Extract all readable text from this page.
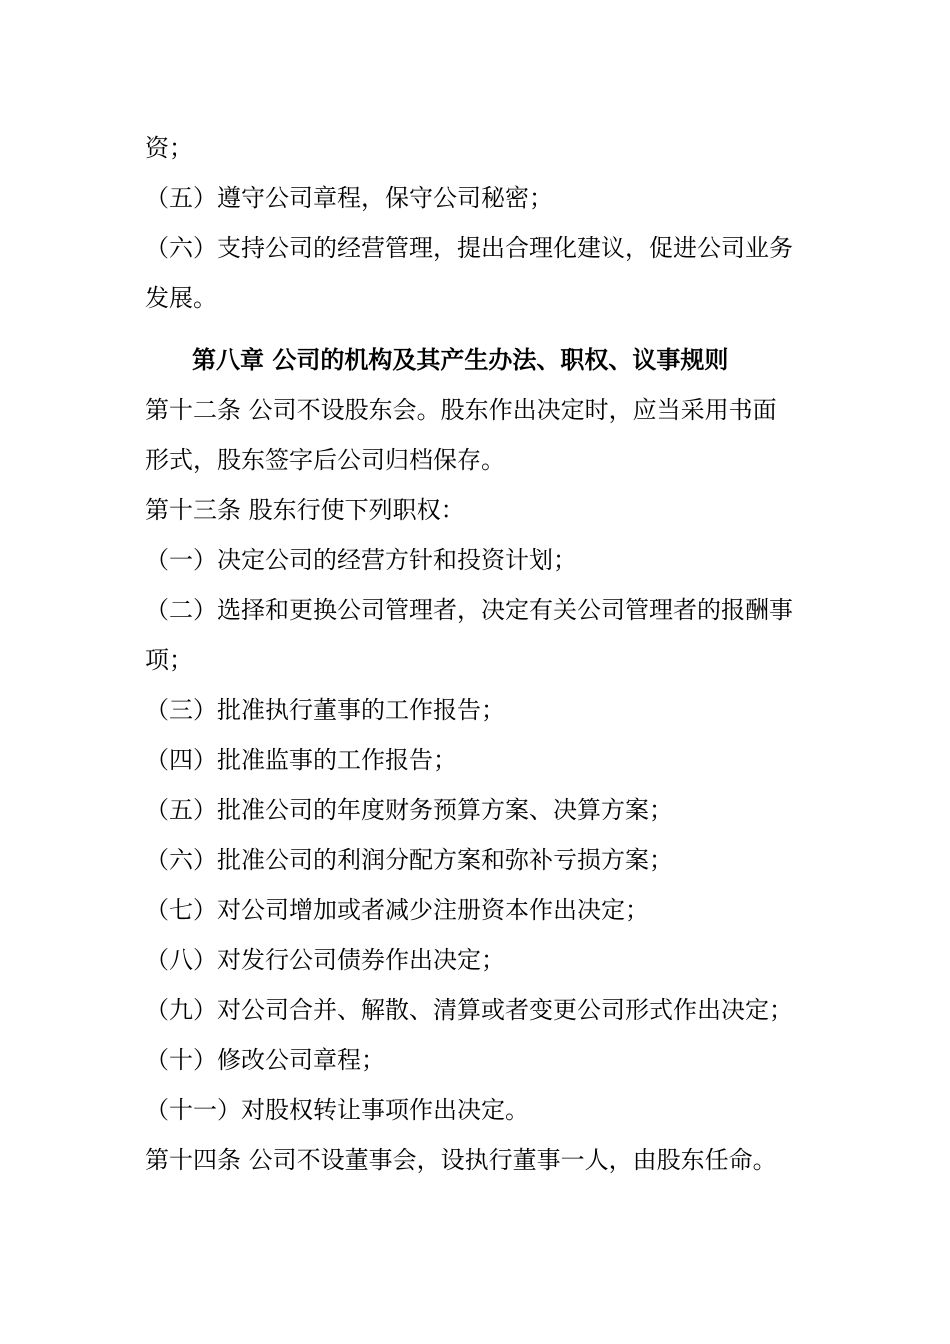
资；
（五）遵守公司章程，保守公司秘密；
（六）支持公司的经营管理，提出合理化建议，促进公司业务
发展。
第八章 公司的机构及其产生办法、职权、议事规则
第十二条 公司不设股东会。股东作出决定时，应当采用书面
形式，股东签字后公司归档保存。
第十三条 股东行使下列职权：
（一）决定公司的经营方针和投资计划；
（二）选择和更换公司管理者，决定有关公司管理者的报酬事
项；
（三）批准执行董事的工作报告；
（四）批准监事的工作报告；
（五）批准公司的年度财务预算方案、决算方案；
（六）批准公司的利润分配方案和弥补亏损方案；
（七）对公司增加或者减少注册资本作出决定；
（八）对发行公司债券作出决定；
（九）对公司合并、解散、清算或者变更公司形式作出决定；
（十）修改公司章程；
（十一）对股权转让事项作出决定。
第十四条 公司不设董事会，设执行董事一人，由股东任命。
